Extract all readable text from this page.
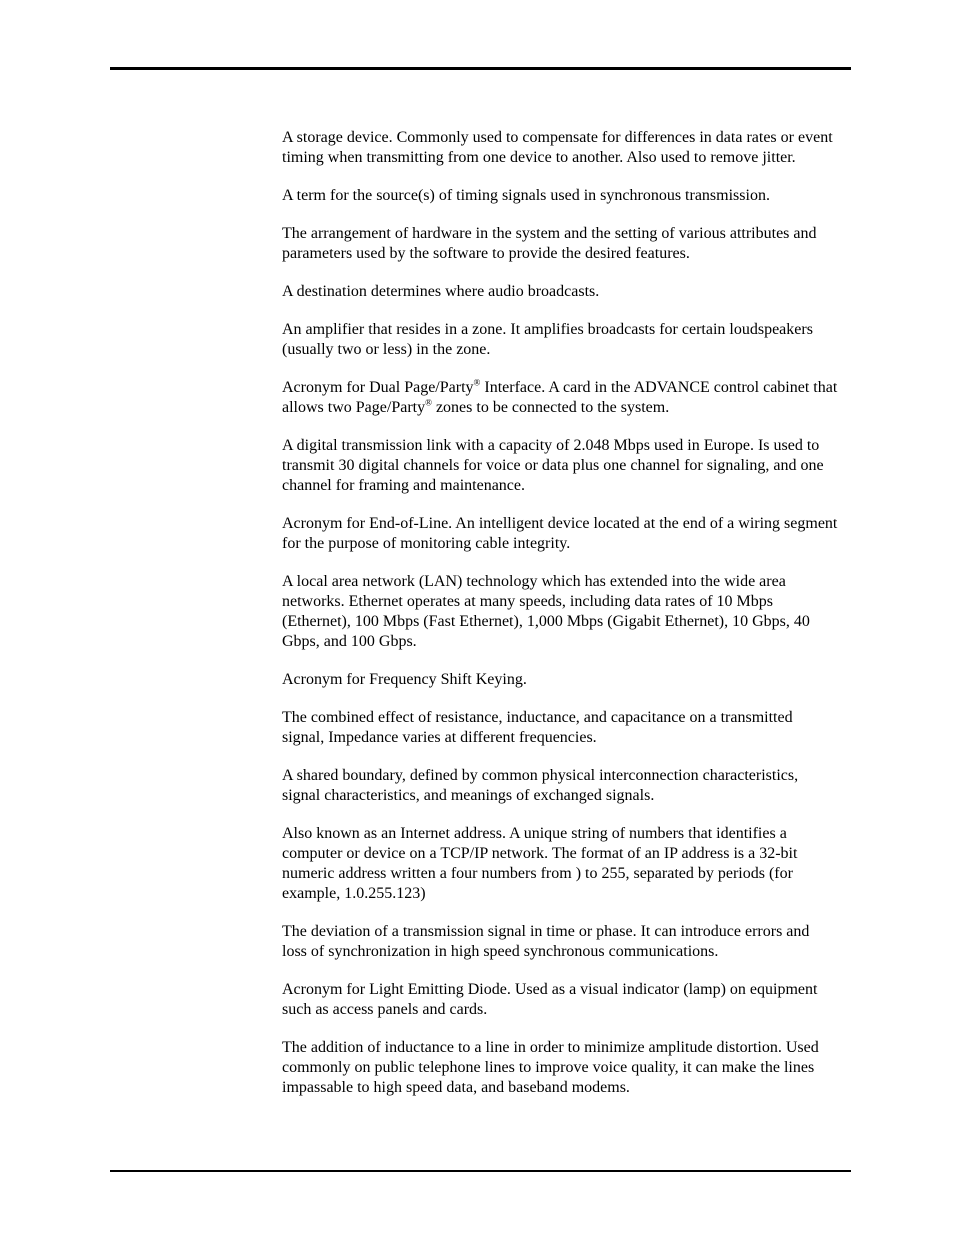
A storage device. Commonly used to compensate for differences in data rates or event timing when transmitting from one device to another. Also used to remove jitter.

A term for the source(s) of timing signals used in synchronous transmission.

The arrangement of hardware in the system and the setting of various attributes and parameters used by the software to provide the desired features.

A destination determines where audio broadcasts.

An amplifier that resides in a zone. It amplifies broadcasts for certain loudspeakers (usually two or less) in the zone.

Acronym for Dual Page/Party® Interface. A card in the ADVANCE control cabinet that allows two Page/Party® zones to be connected to the system.

A digital transmission link with a capacity of 2.048 Mbps used in Europe. Is used to transmit 30 digital channels for voice or data plus one channel for signaling, and one channel for framing and maintenance.

Acronym for End-of-Line. An intelligent device located at the end of a wiring segment for the purpose of monitoring cable integrity.

A local area network (LAN) technology which has extended into the wide area networks. Ethernet operates at many speeds, including data rates of 10 Mbps (Ethernet), 100 Mbps (Fast Ethernet), 1,000 Mbps (Gigabit Ethernet), 10 Gbps, 40 Gbps, and 100 Gbps.

Acronym for Frequency Shift Keying.

The combined effect of resistance, inductance, and capacitance on a transmitted signal, Impedance varies at different frequencies.

A shared boundary, defined by common physical interconnection characteristics, signal characteristics, and meanings of exchanged signals.

Also known as an Internet address. A unique string of numbers that identifies a computer or device on a TCP/IP network. The format of an IP address is a 32-bit numeric address written a four numbers from ) to 255, separated by periods (for example, 1.0.255.123)

The deviation of a transmission signal in time or phase. It can introduce errors and loss of synchronization in high speed synchronous communications.

Acronym for Light Emitting Diode. Used as a visual indicator (lamp) on equipment such as access panels and cards.

The addition of inductance to a line in order to minimize amplitude distortion. Used commonly on public telephone lines to improve voice quality, it can make the lines impassable to high speed data, and baseband modems.
